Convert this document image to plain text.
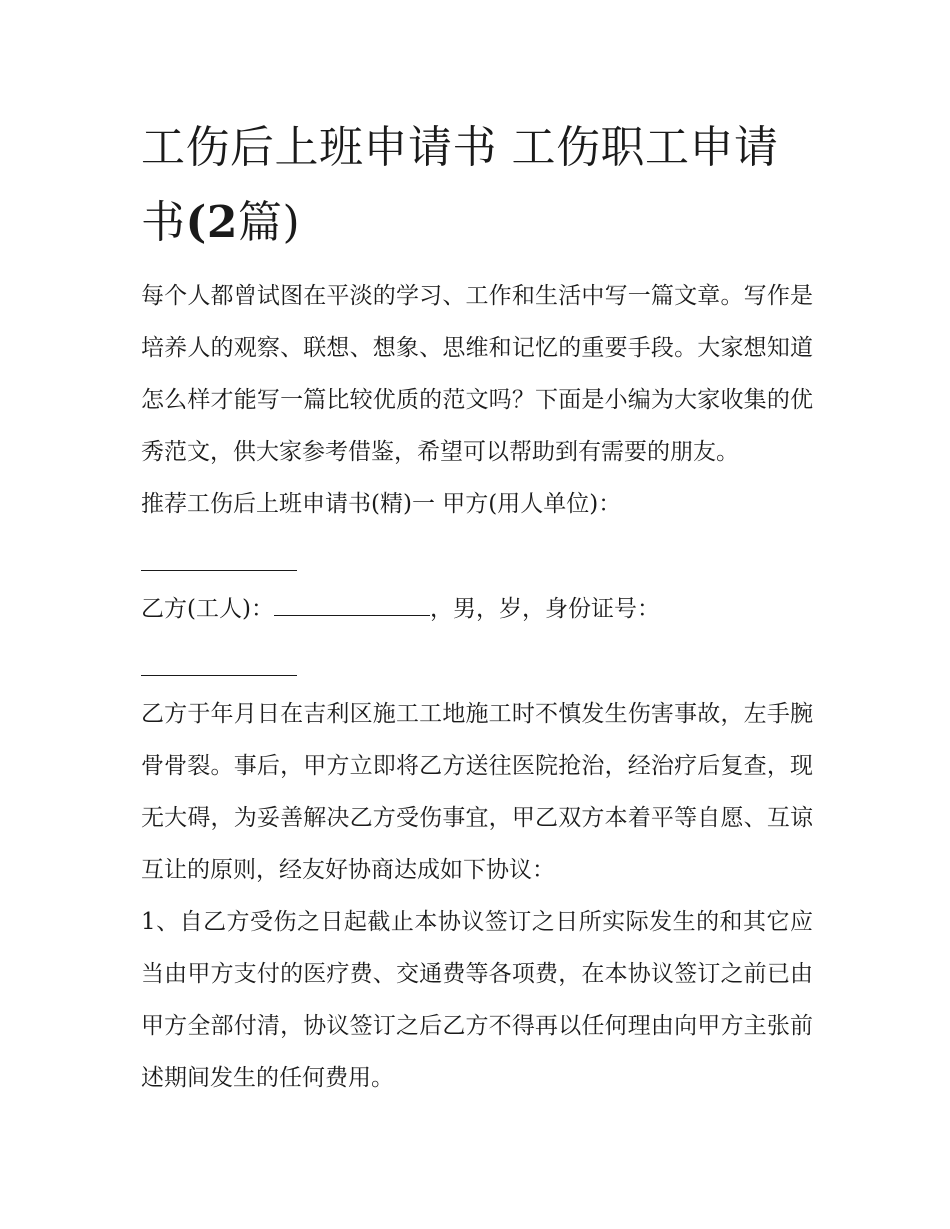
工伤后上班申请书 工伤职工申请书(2篇)

每个人都曾试图在平淡的学习、工作和生活中写一篇文章。写作是培养人的观察、联想、想象、思维和记忆的重要手段。大家想知道怎么样才能写一篇比较优质的范文吗？下面是小编为大家收集的优秀范文，供大家参考借鉴，希望可以帮助到有需要的朋友。

推荐工伤后上班申请书(精)一 甲方(用人单位)：

乙方(工人)：	，男，岁，身份证号：

乙方于年月日在吉利区施工工地施工时不慎发生伤害事故，左手腕骨骨裂。事后，甲方立即将乙方送往医院抢治，经治疗后复查，现无大碍，为妥善解决乙方受伤事宜，甲乙双方本着平等自愿、互谅互让的原则，经友好协商达成如下协议：

1、自乙方受伤之日起截止本协议签订之日所实际发生的和其它应当由甲方支付的医疗费、交通费等各项费，在本协议签订之前已由甲方全部付清，协议签订之后乙方不得再以任何理由向甲方主张前述期间发生的任何费用。
